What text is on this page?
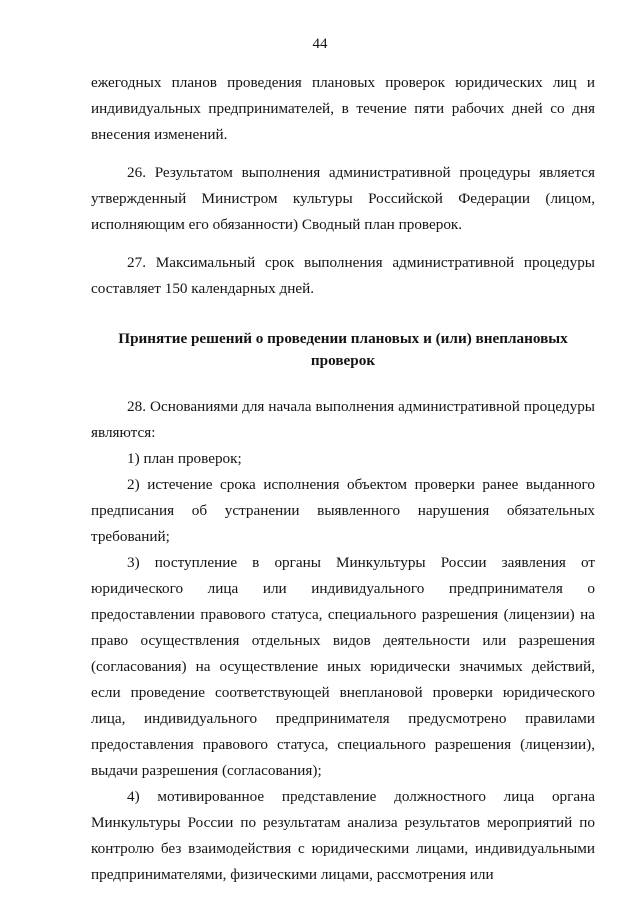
44

ежегодных планов проведения плановых проверок юридических лиц и индивидуальных предпринимателей, в течение пяти рабочих дней со дня внесения изменений.

26. Результатом выполнения административной процедуры является утвержденный Министром культуры Российской Федерации (лицом, исполняющим его обязанности) Сводный план проверок.

27. Максимальный срок выполнения административной процедуры составляет 150 календарных дней.

Принятие решений о проведении плановых и (или) внеплановых проверок

28. Основаниями для начала выполнения административной процедуры являются:

1) план проверок;

2) истечение срока исполнения объектом проверки ранее выданного предписания об устранении выявленного нарушения обязательных требований;

3) поступление в органы Минкультуры России заявления от юридического лица или индивидуального предпринимателя о предоставлении правового статуса, специального разрешения (лицензии) на право осуществления отдельных видов деятельности или разрешения (согласования) на осуществление иных юридически значимых действий, если проведение соответствующей внеплановой проверки юридического лица, индивидуального предпринимателя предусмотрено правилами предоставления правового статуса, специального разрешения (лицензии), выдачи разрешения (согласования);

4) мотивированное представление должностного лица органа Минкультуры России по результатам анализа результатов мероприятий по контролю без взаимодействия с юридическими лицами, индивидуальными предпринимателями, физическими лицами, рассмотрения или
